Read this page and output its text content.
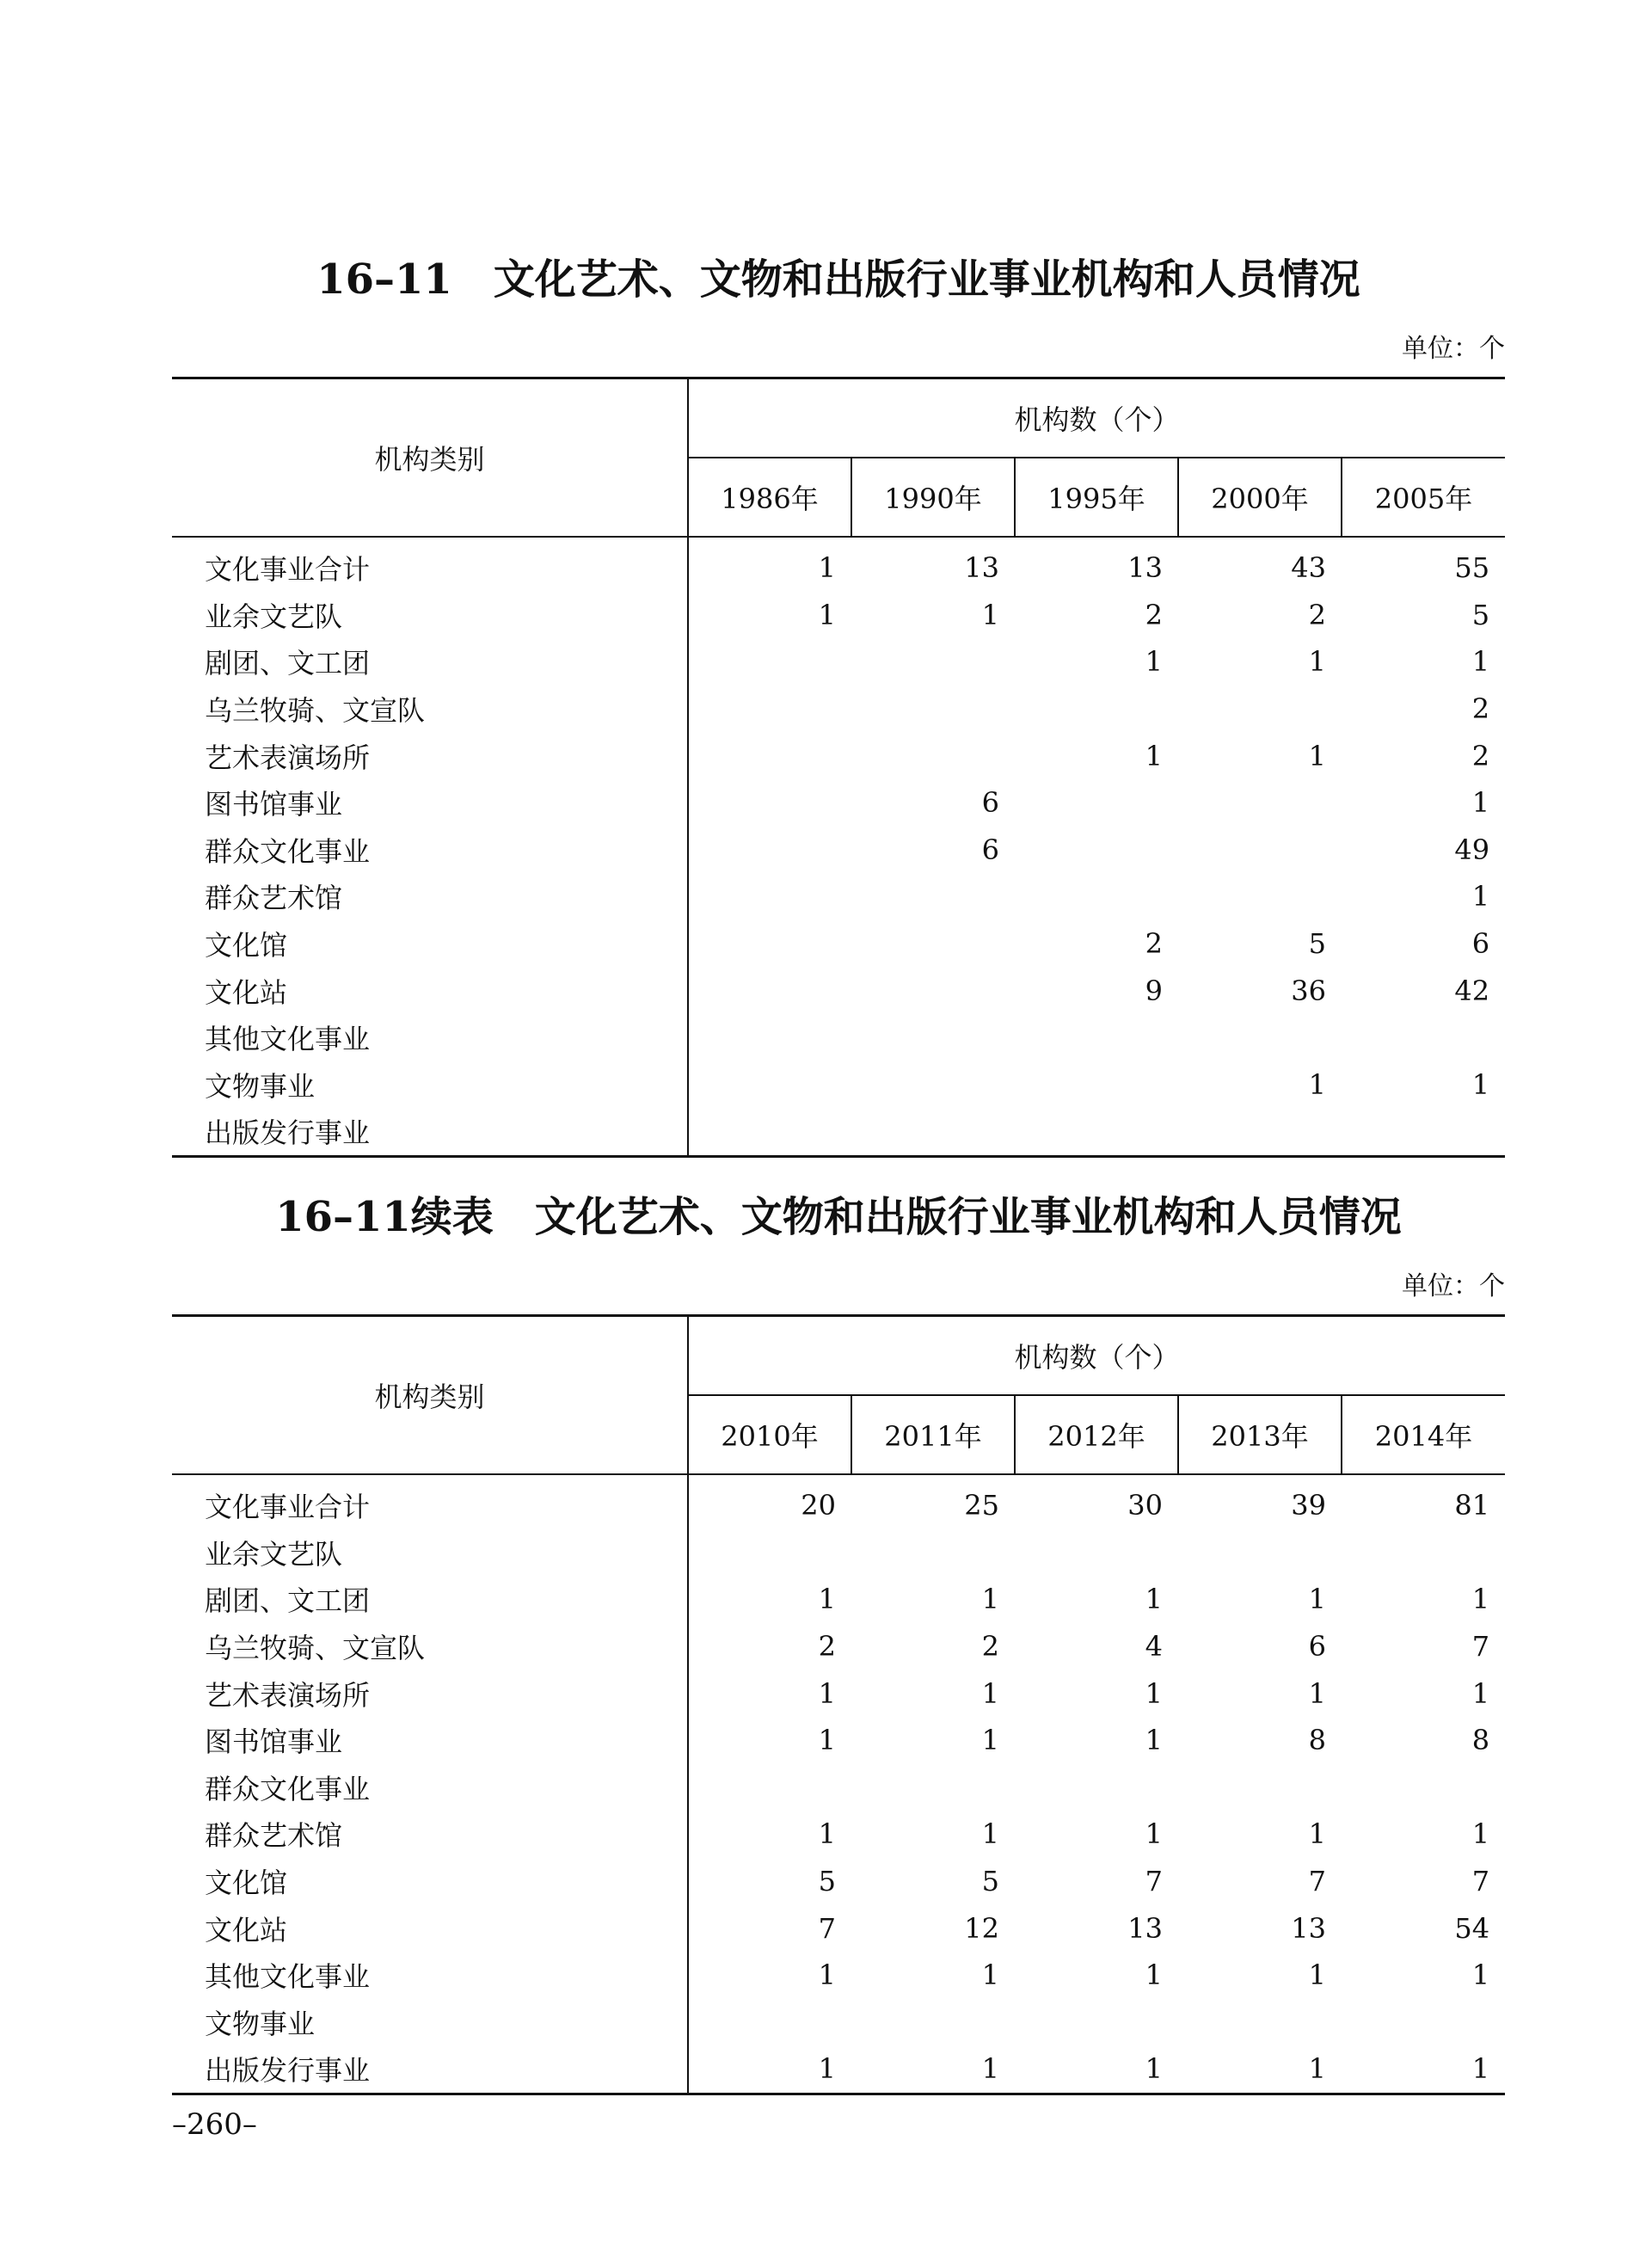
16–11　文化艺术、文物和出版行业事业机构和人员情况
单位：个
机构类别	机构数（个）				
	1986年	1990年	1995年	2000年	2005年
文化事业合计	1	13	13	43	55
业余文艺队	1	1	2	2	5
剧团、文工团			1	1	1
乌兰牧骑、文宣队					2
艺术表演场所			1	1	2
图书馆事业		6			1
群众文化事业		6			49
群众艺术馆					1
文化馆			2	5	6
文化站			9	36	42
其他文化事业					
文物事业				1	1
出版发行事业					
16–11续表　文化艺术、文物和出版行业事业机构和人员情况
单位：个
机构类别	机构数（个）				
	2010年	2011年	2012年	2013年	2014年
文化事业合计	20	25	30	39	81
业余文艺队					
剧团、文工团	1	1	1	1	1
乌兰牧骑、文宣队	2	2	4	6	7
艺术表演场所	1	1	1	1	1
图书馆事业	1	1	1	8	8
群众文化事业					
群众艺术馆	1	1	1	1	1
文化馆	5	5	7	7	7
文化站	7	12	13	13	54
其他文化事业	1	1	1	1	1
文物事业					
出版发行事业	1	1	1	1	1
–260–
